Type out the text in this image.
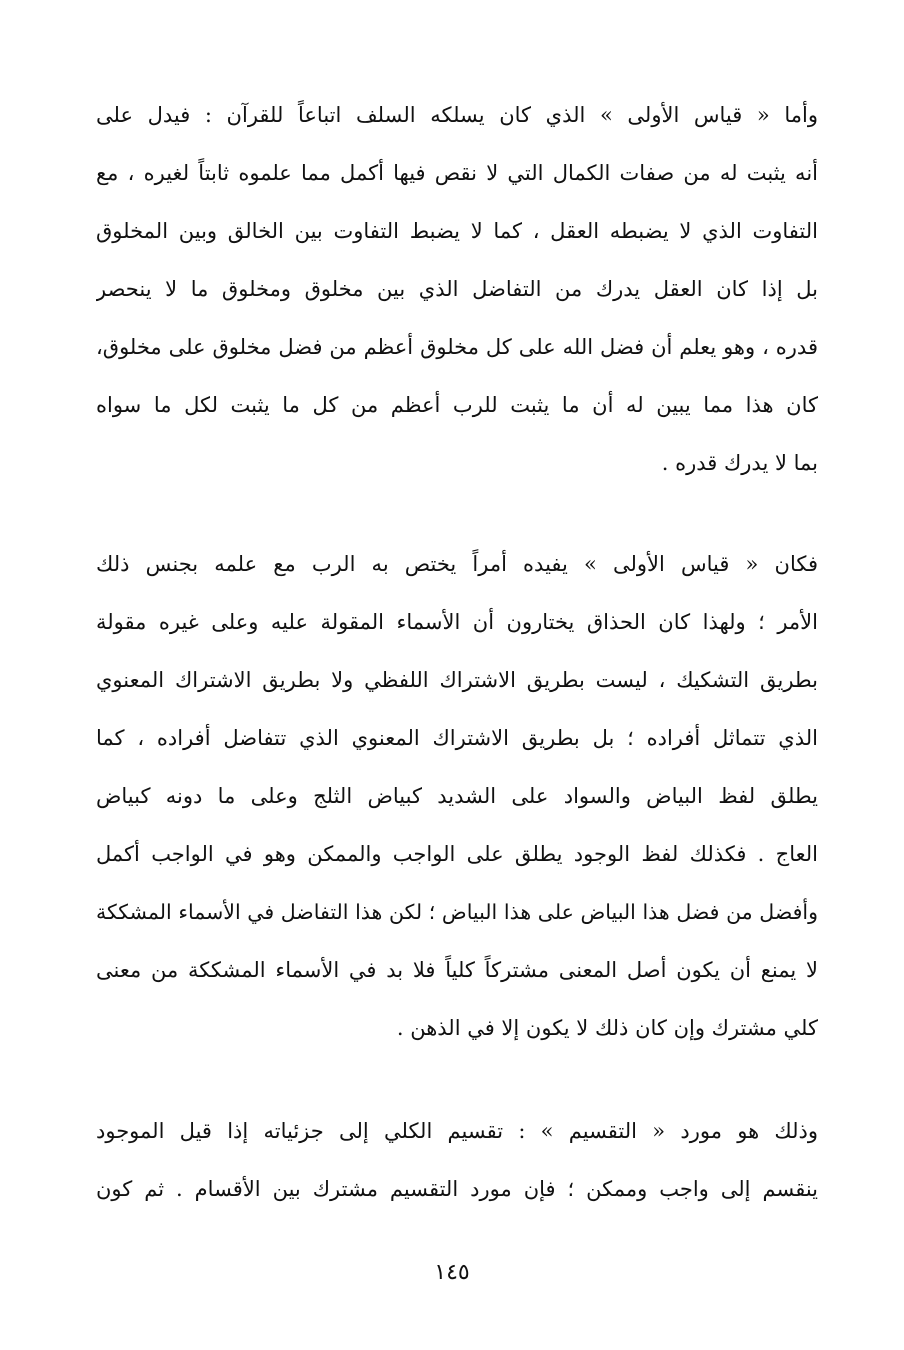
وأما « قياس الأولى » الذي كان يسلكه السلف اتباعاً للقرآن : فيدل على
أنه يثبت له من صفات الكمال التي لا نقص فيها أكمل مما علموه ثابتاً لغيره ، مع
التفاوت الذي لا يضبطه العقل ، كما لا يضبط التفاوت بين الخالق وبين المخلوق
بل إذا كان العقل يدرك من التفاضل الذي بين مخلوق ومخلوق ما لا ينحصر
قدره ، وهو يعلم أن فضل الله على كل مخلوق أعظم من فضل مخلوق على مخلوق،
كان هذا مما يبين له أن ما يثبت للرب أعظم من كل ما يثبت لكل ما سواه
بما لا يدرك قدره .
فكان « قياس الأولى » يفيده أمراً يختص به الرب مع علمه بجنس ذلك
الأمر ؛ ولهذا كان الحذاق يختارون أن الأسماء المقولة عليه وعلى غيره مقولة
بطريق التشكيك ، ليست بطريق الاشتراك اللفظي ولا بطريق الاشتراك المعنوي
الذي تتماثل أفراده ؛ بل بطريق الاشتراك المعنوي الذي تتفاضل أفراده ، كما
يطلق لفظ البياض والسواد على الشديد كبياض الثلج وعلى ما دونه كبياض
العاج . فكذلك لفظ الوجود يطلق على الواجب والممكن وهو في الواجب أكمل
وأفضل من فضل هذا البياض على هذا البياض ؛ لكن هذا التفاضل في الأسماء المشككة
لا يمنع أن يكون أصل المعنى مشتركاً كلياً فلا بد في الأسماء المشككة من معنى
كلي مشترك وإن كان ذلك لا يكون إلا في الذهن .
وذلك هو مورد « التقسيم » : تقسيم الكلي إلى جزئياته إذا قيل الموجود
ينقسم إلى واجب وممكن ؛ فإن مورد التقسيم مشترك بين الأقسام . ثم كون
١٤٥
